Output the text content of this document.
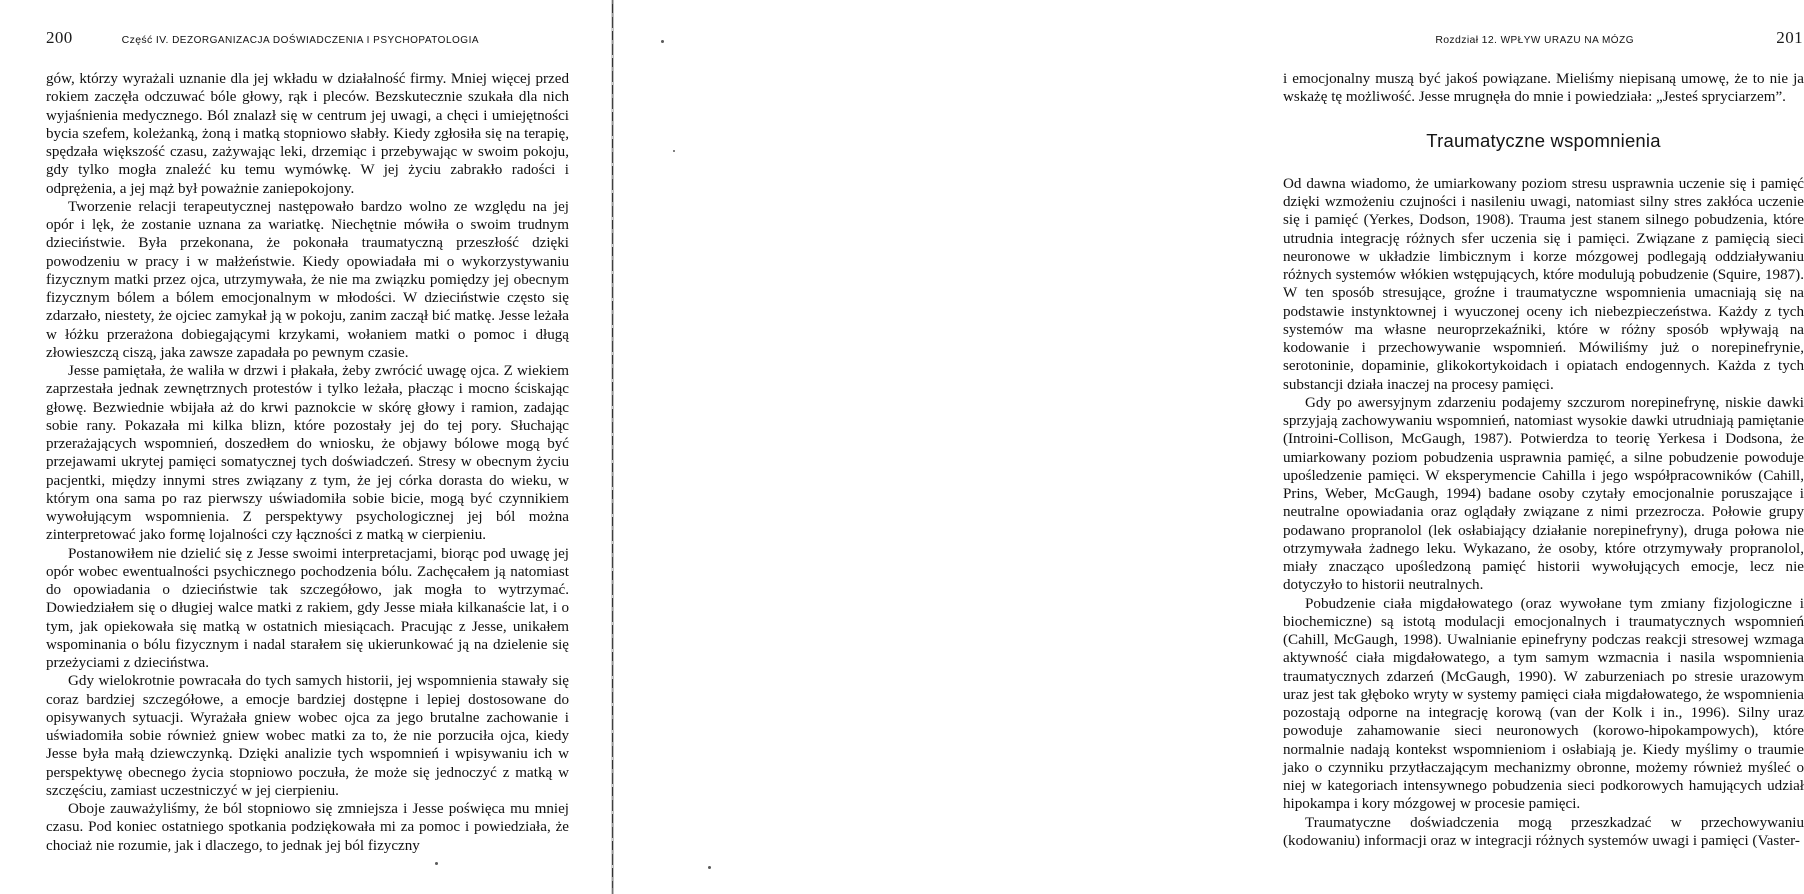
200	Część IV. DEZORGANIZACJA DOŚWIADCZENIA I PSYCHOPATOLOGIA

gów, którzy wyrażali uznanie dla jej wkładu w działalność firmy. Mniej więcej przed rokiem zaczęła odczuwać bóle głowy, rąk i pleców. Bezskutecznie szukała dla nich wyjaśnienia medycznego. Ból znalazł się w centrum jej uwagi, a chęci i umiejętności bycia szefem, koleżanką, żoną i matką stopniowo słabły. Kiedy zgłosiła się na terapię, spędzała większość czasu, zażywając leki, drzemiąc i przebywając w swoim pokoju, gdy tylko mogła znaleźć ku temu wymówkę. W jej życiu zabrakło radości i odprężenia, a jej mąż był poważnie zaniepokojony.

Tworzenie relacji terapeutycznej następowało bardzo wolno ze względu na jej opór i lęk, że zostanie uznana za wariatkę. Niechętnie mówiła o swoim trudnym dzieciństwie. Była przekonana, że pokonała traumatyczną przeszłość dzięki powodzeniu w pracy i w małżeństwie. Kiedy opowiadała mi o wykorzystywaniu fizycznym matki przez ojca, utrzymywała, że nie ma związku pomiędzy jej obecnym fizycznym bólem a bólem emocjonalnym w młodości. W dzieciństwie często się zdarzało, niestety, że ojciec zamykał ją w pokoju, zanim zaczął bić matkę. Jesse leżała w łóżku przerażona dobiegającymi krzykami, wołaniem matki o pomoc i długą złowieszczą ciszą, jaka zawsze zapadała po pewnym czasie.

Jesse pamiętała, że waliła w drzwi i płakała, żeby zwrócić uwagę ojca. Z wiekiem zaprzestała jednak zewnętrznych protestów i tylko leżała, płacząc i mocno ściskając głowę. Bezwiednie wbijała aż do krwi paznokcie w skórę głowy i ramion, zadając sobie rany. Pokazała mi kilka blizn, które pozostały jej do tej pory. Słuchając przerażających wspomnień, doszedłem do wniosku, że objawy bólowe mogą być przejawami ukrytej pamięci somatycznej tych doświadczeń. Stresy w obecnym życiu pacjentki, między innymi stres związany z tym, że jej córka dorasta do wieku, w którym ona sama po raz pierwszy uświadomiła sobie bicie, mogą być czynnikiem wywołującym wspomnienia. Z perspektywy psychologicznej jej ból można zinterpretować jako formę lojalności czy łączności z matką w cierpieniu.

Postanowiłem nie dzielić się z Jesse swoimi interpretacjami, biorąc pod uwagę jej opór wobec ewentualności psychicznego pochodzenia bólu. Zachęcałem ją natomiast do opowiadania o dzieciństwie tak szczegółowo, jak mogła to wytrzymać. Dowiedziałem się o długiej walce matki z rakiem, gdy Jesse miała kilkanaście lat, i o tym, jak opiekowała się matką w ostatnich miesiącach. Pracując z Jesse, unikałem wspominania o bólu fizycznym i nadal starałem się ukierunkować ją na dzielenie się przeżyciami z dzieciństwa.

Gdy wielokrotnie powracała do tych samych historii, jej wspomnienia stawały się coraz bardziej szczegółowe, a emocje bardziej dostępne i lepiej dostosowane do opisywanych sytuacji. Wyrażała gniew wobec ojca za jego brutalne zachowanie i uświadomiła sobie również gniew wobec matki za to, że nie porzuciła ojca, kiedy Jesse była małą dziewczynką. Dzięki analizie tych wspomnień i wpisywaniu ich w perspektywę obecnego życia stopniowo poczuła, że może się jednoczyć z matką w szczęściu, zamiast uczestniczyć w jej cierpieniu.

Oboje zauważyliśmy, że ból stopniowo się zmniejsza i Jesse poświęca mu mniej czasu. Pod koniec ostatniego spotkania podziękowała mi za pomoc i powiedziała, że chociaż nie rozumie, jak i dlaczego, to jednak jej ból fizyczny

Rozdział 12. WPŁYW URAZU NA MÓZG	201

i emocjonalny muszą być jakoś powiązane. Mieliśmy niepisaną umowę, że to nie ja wskażę tę możliwość. Jesse mrugnęła do mnie i powiedziała: „Jesteś spryciarzem”.

Traumatyczne wspomnienia

Od dawna wiadomo, że umiarkowany poziom stresu usprawnia uczenie się i pamięć dzięki wzmożeniu czujności i nasileniu uwagi, natomiast silny stres zakłóca uczenie się i pamięć (Yerkes, Dodson, 1908). Trauma jest stanem silnego pobudzenia, które utrudnia integrację różnych sfer uczenia się i pamięci. Związane z pamięcią sieci neuronowe w układzie limbicznym i korze mózgowej podlegają oddziaływaniu różnych systemów włókien wstępujących, które modulują pobudzenie (Squire, 1987). W ten sposób stresujące, groźne i traumatyczne wspomnienia umacniają się na podstawie instynktownej i wyuczonej oceny ich niebezpieczeństwa. Każdy z tych systemów ma własne neuroprzekaźniki, które w różny sposób wpływają na kodowanie i przechowywanie wspomnień. Mówiliśmy już o norepinefrynie, serotoninie, dopaminie, glikokortykoidach i opiatach endogennych. Każda z tych substancji działa inaczej na procesy pamięci.

Gdy po awersyjnym zdarzeniu podajemy szczurom norepinefrynę, niskie dawki sprzyjają zachowywaniu wspomnień, natomiast wysokie dawki utrudniają pamiętanie (Introini-Collison, McGaugh, 1987). Potwierdza to teorię Yerkesa i Dodsona, że umiarkowany poziom pobudzenia usprawnia pamięć, a silne pobudzenie powoduje upośledzenie pamięci. W eksperymencie Cahilla i jego współpracowników (Cahill, Prins, Weber, McGaugh, 1994) badane osoby czytały emocjonalnie poruszające i neutralne opowiadania oraz oglądały związane z nimi przezrocza. Połowie grupy podawano propranolol (lek osłabiający działanie norepinefryny), druga połowa nie otrzymywała żadnego leku. Wykazano, że osoby, które otrzymywały propranolol, miały znacząco upośledzoną pamięć historii wywołujących emocje, lecz nie dotyczyło to historii neutralnych.

Pobudzenie ciała migdałowatego (oraz wywołane tym zmiany fizjologiczne i biochemiczne) są istotą modulacji emocjonalnych i traumatycznych wspomnień (Cahill, McGaugh, 1998). Uwalnianie epinefryny podczas reakcji stresowej wzmaga aktywność ciała migdałowatego, a tym samym wzmacnia i nasila wspomnienia traumatycznych zdarzeń (McGaugh, 1990). W zaburzeniach po stresie urazowym uraz jest tak głęboko wryty w systemy pamięci ciała migdałowatego, że wspomnienia pozostają odporne na integrację korową (van der Kolk i in., 1996). Silny uraz powoduje zahamowanie sieci neuronowych (korowo-hipokampowych), które normalnie nadają kontekst wspomnieniom i osłabiają je. Kiedy myślimy o traumie jako o czynniku przytłaczającym mechanizmy obronne, możemy również myśleć o niej w kategoriach intensywnego pobudzenia sieci podkorowych hamujących udział hipokampa i kory mózgowej w procesie pamięci.

Traumatyczne doświadczenia mogą przeszkadzać w przechowywaniu (kodowaniu) informacji oraz w integracji różnych systemów uwagi i pamięci (Vaster-
